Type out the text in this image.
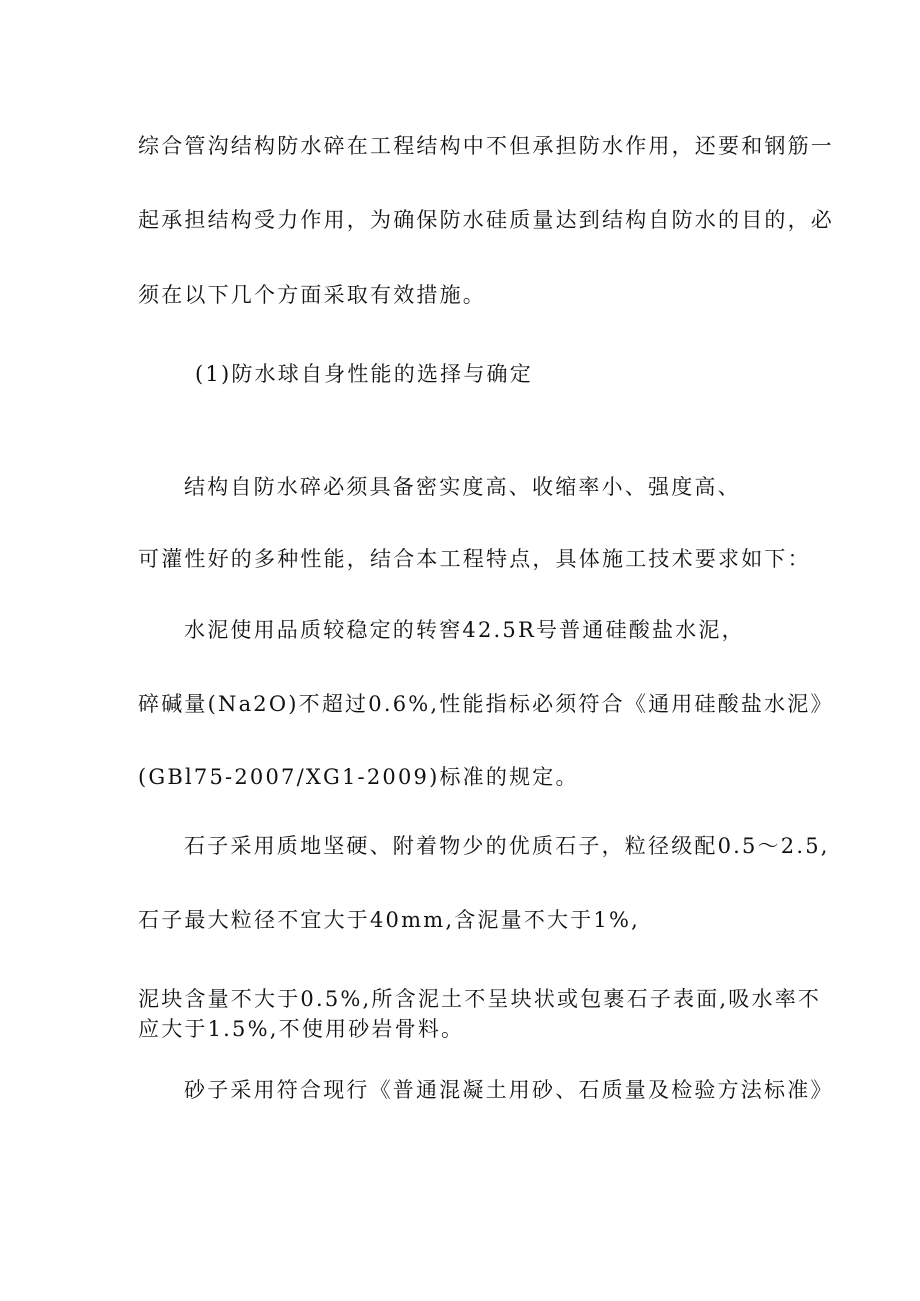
综合管沟结构防水碎在工程结构中不但承担防水作用，还要和钢筋一
起承担结构受力作用，为确保防水硅质量达到结构自防水的目的，必
须在以下几个方面采取有效措施。
(1)防水球自身性能的选择与确定
结构自防水碎必须具备密实度高、收缩率小、强度高、
可灌性好的多种性能，结合本工程特点，具体施工技术要求如下：
水泥使用品质较稳定的转窖42.5R号普通硅酸盐水泥，
碎碱量(Na2O)不超过0.6%,性能指标必须符合《通用硅酸盐水泥》
(GBl75-2007/XG1-2009)标准的规定。
石子采用质地坚硬、附着物少的优质石子，粒径级配0.5～2.5,
石子最大粒径不宜大于40mm,含泥量不大于1%,
泥块含量不大于0.5%,所含泥土不呈块状或包裹石子表面,吸水率不
应大于1.5%,不使用砂岩骨料。
砂子采用符合现行《普通混凝土用砂、石质量及检验方法标准》
